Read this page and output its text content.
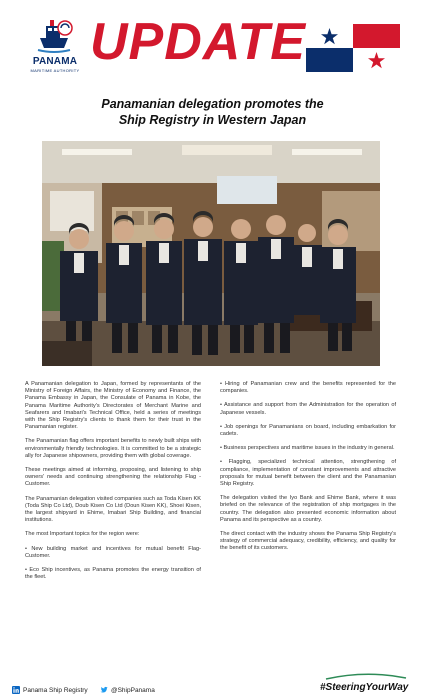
PANAMA
MARITIME AUTHORITY UPDATE
Panamanian delegation promotes the
Ship Registry in Western Japan

A Panamanian delegation to Japan, formed by representants of the Ministry of Foreign Affairs, the Ministry of Economy and Finance, the Panama Embassy in Japan, the Consulate of Panama in Kobe, the Panama Maritime Authority's Directorates of Merchant Marine and Seafarers and Imabari's Technical Office, held a series of meetings with the Ship Registry's clients to thank them for their trust in the Panamanian register.

The Panamanian flag offers important benefits to newly built ships with environmentally friendly technologies. It is committed to be a strategic ally for Japanese shipowners, providing them with global coverage.

These meetings aimed at informing, proposing, and listening to ship owners' needs and continuing strengthening the relationship Flag - Customer.

The Panamanian delegation visited companies such as Toda Kisen KK (Toda Ship Co Ltd), Doub Kisen Co Ltd (Doun Kisen KK), Shoei Kisen, the largest shipyard in Ehime, Imabari Ship Building, and financial institutions.

The most Important topics for the region were:

• New building market and incentives for mutual benefit Flag-Customer.

• Eco Ship incentives, as Panama promotes the energy transition of the fleet.

• Hiring of Panamanian crew and the benefits represented for the companies.

• Assistance and support from the Administration for the operation of Japanese vessels.

• Job openings for Panamanians on board, including embarkation for cadets.

• Business perspectives and maritime issues in the industry in general.

• Flagging, specialized technical attention, strengthening of compliance, implementation of constant improvements and attractive proposals for mutual benefit between the client and the Panamanian Ship Registry.

The delegation visited the Iyo Bank and Ehime Bank, where it was briefed on the relevance of the registration of ship mortgages in the country. The delegation also presented economic information about Panama and its perspective as a country.

The direct contact with the industry shows the Panama Ship Registry's strategy of commercial adequacy, credibility, efficiency, and quality for the benefit of its customers.

Panama Ship Registry	@ShipPanama	#SteeringYourWay
